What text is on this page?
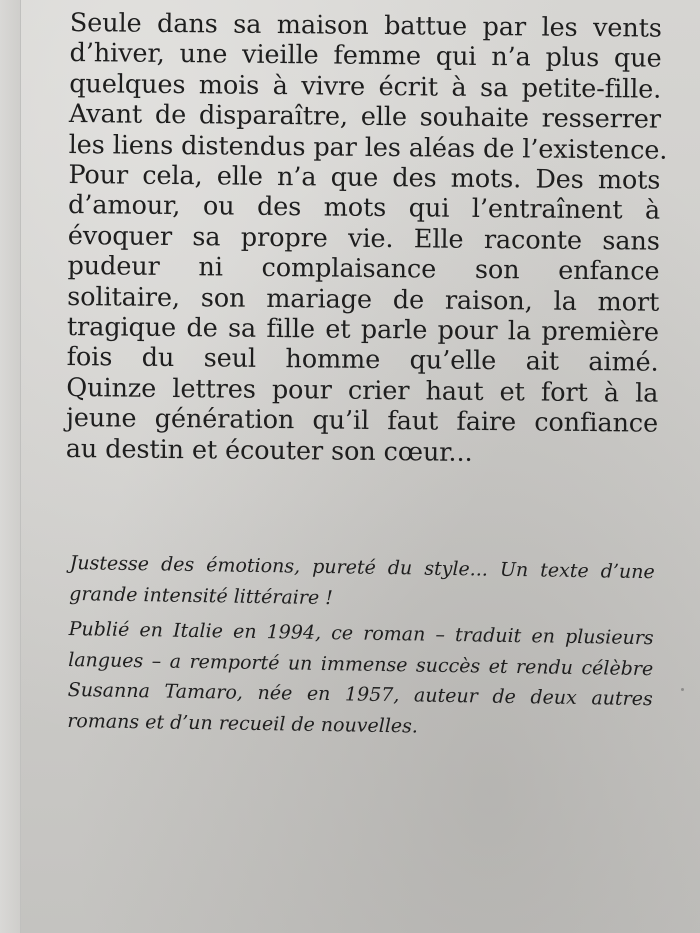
Seule dans sa maison battue par les vents
d’hiver, une vieille femme qui n’a plus que
quelques mois à vivre écrit à sa petite-fille.
Avant de disparaître, elle souhaite resserrer
les liens distendus par les aléas de l’existence.
Pour cela, elle n’a que des mots. Des mots
d’amour, ou des mots qui l’entraînent à
évoquer sa propre vie. Elle raconte sans
pudeur ni complaisance son enfance
solitaire, son mariage de raison, la mort
tragique de sa fille et parle pour la première
fois du seul homme qu’elle ait aimé.
Quinze lettres pour crier haut et fort à la
jeune génération qu’il faut faire confiance
au destin et écouter son cœur...
Justesse des émotions, pureté du style... Un texte d’une
grande intensité littéraire !
Publié en Italie en 1994, ce roman – traduit en plusieurs
langues – a remporté un immense succès et rendu célèbre
Susanna Tamaro, née en 1957, auteur de deux autres
romans et d’un recueil de nouvelles.
